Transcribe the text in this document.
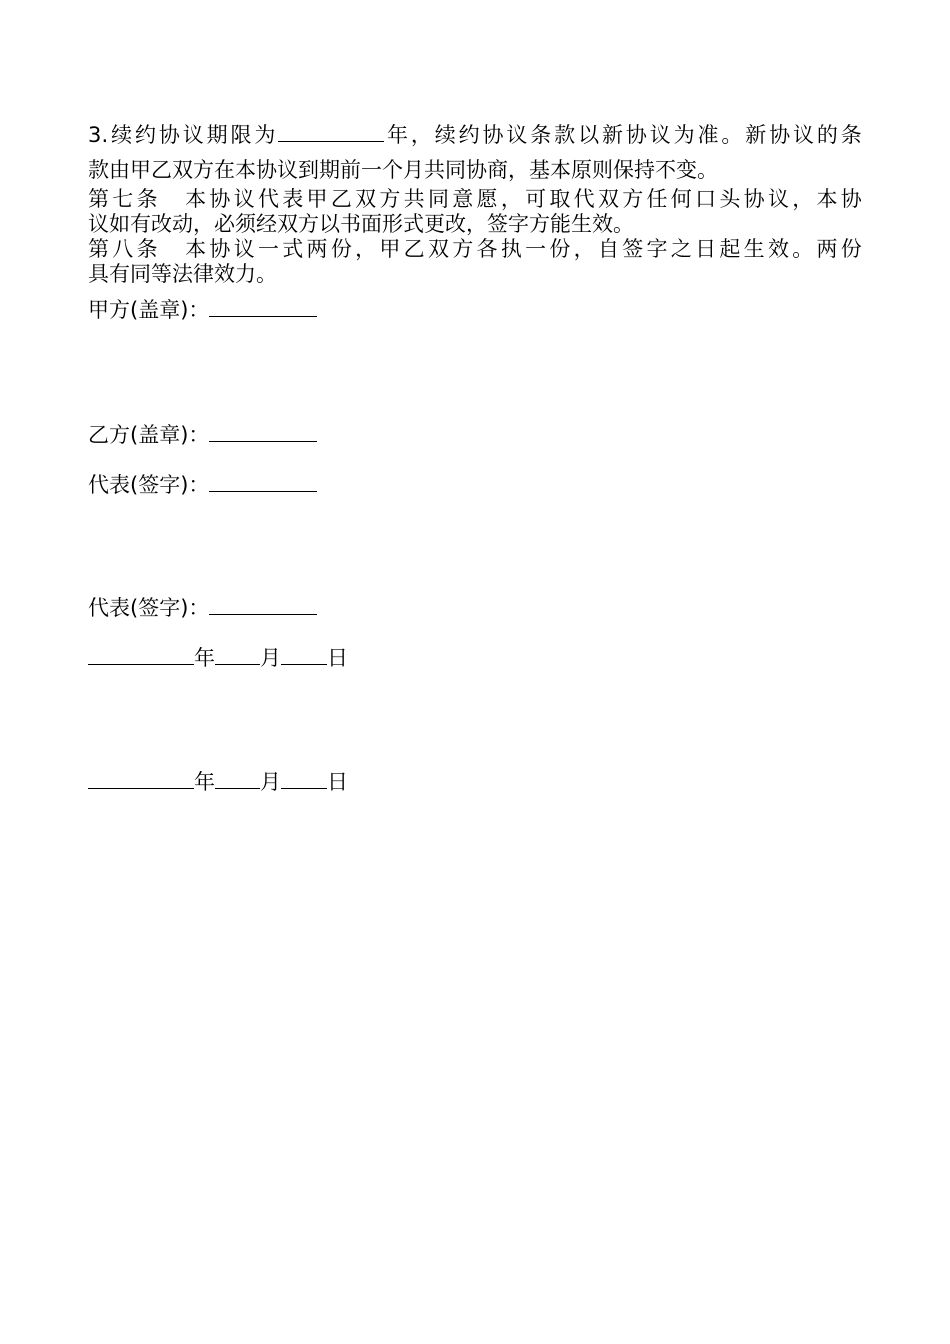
3.续约协议期限为	年，续约协议条款以新协议为准。新协议的条
款由甲乙双方在本协议到期前一个月共同协商，基本原则保持不变。
第七条　本协议代表甲乙双方共同意愿，可取代双方任何口头协议，本协
议如有改动，必须经双方以书面形式更改，签字方能生效。
第八条　本协议一式两份，甲乙双方各执一份，自签字之日起生效。两份
具有同等法律效力。
甲方(盖章)：
乙方(盖章)：
代表(签字)：
代表(签字)：
年 月 日
年 月 日
